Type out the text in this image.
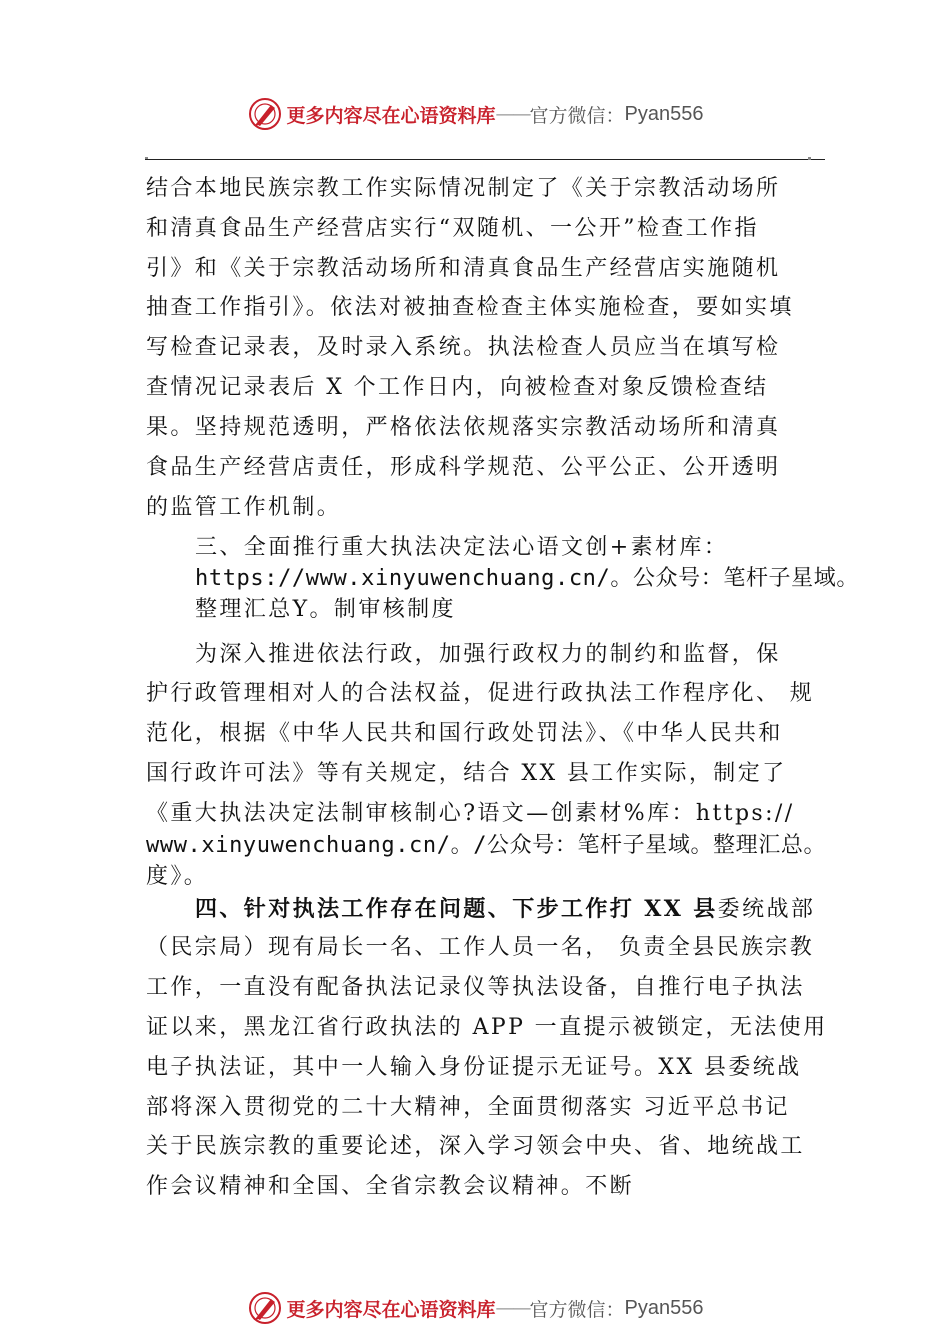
更多内容尽在心语资料库 —— 官方微信： Pyan556
结合本地民族宗教工作实际情况制定了《关于宗教活动场所
和清真食品生产经营店实行“双随机、一公开”检查工作指
引》和《关于宗教活动场所和清真食品生产经营店实施随机
抽查工作指引》。依法对被抽查检查主体实施检查，要如实填
写检查记录表，及时录入系统。执法检查人员应当在填写检
查情况记录表后 X 个工作日内，向被检查对象反馈检查结
果。坚持规范透明，严格依法依规落实宗教活动场所和清真
食品生产经营店责任，形成科学规范、公平公正、公开透明
的监管工作机制。
三、全面推行重大执法决定法心语文创+素材库：
https://www.xinyuwenchuang.cn/。公众号：笔杆子星域。
整理汇总Y。制审核制度
为深入推进依法行政，加强行政权力的制约和监督，保
护行政管理相对人的合法权益，促进行政执法工作程序化、 规
范化，根据《中华人民共和国行政处罚法》、《中华人民共和
国行政许可法》等有关规定，结合 XX 县工作实际，制定了
《重大执法决定法制审核制心?语文—创素材%库：https://
www.xinyuwenchuang.cn/。/公众号：笔杆子星域。整理汇总。
度》。
四、针对执法工作存在问题、下步工作打 XX 县委统战部
（民宗局）现有局长一名、工作人员一名， 负责全县民族宗教
工作，一直没有配备执法记录仪等执法设备，自推行电子执法
证以来，黑龙江省行政执法的 APP 一直提示被锁定，无法使用
电子执法证，其中一人输入身份证提示无证号。XX 县委统战
部将深入贯彻党的二十大精神，全面贯彻落实 习近平总书记
关于民族宗教的重要论述，深入学习领会中央、省、地统战工
作会议精神和全国、全省宗教会议精神。不断
更多内容尽在心语资料库 —— 官方微信： Pyan556
